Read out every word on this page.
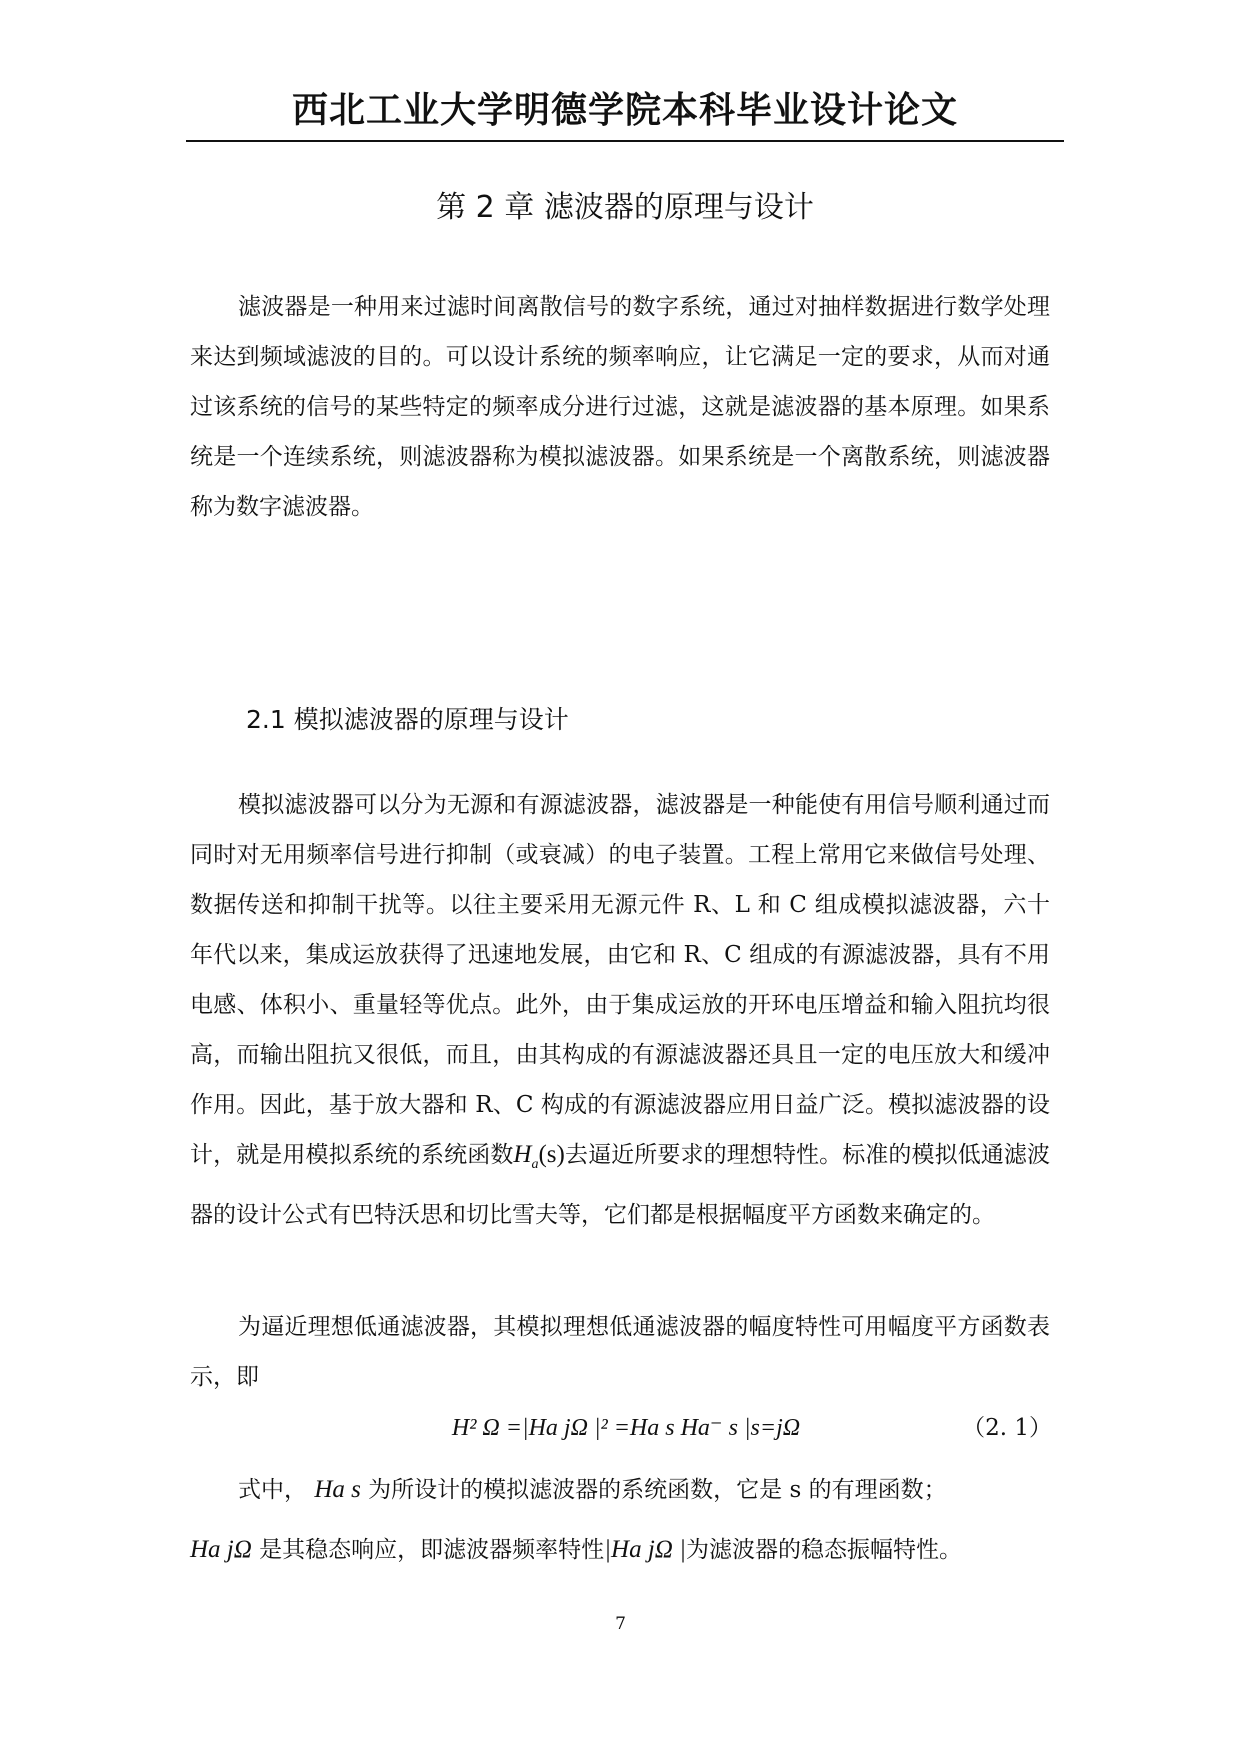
西北工业大学明德学院本科毕业设计论文
第 2 章 滤波器的原理与设计

滤波器是一种用来过滤时间离散信号的数字系统，通过对抽样数据进行数学处理来达到频域滤波的目的。可以设计系统的频率响应，让它满足一定的要求，从而对通过该系统的信号的某些特定的频率成分进行过滤，这就是滤波器的基本原理。如果系统是一个连续系统，则滤波器称为模拟滤波器。如果系统是一个离散系统，则滤波器称为数字滤波器。

2.1 模拟滤波器的原理与设计

模拟滤波器可以分为无源和有源滤波器，滤波器是一种能使有用信号顺利通过而同时对无用频率信号进行抑制（或衰减）的电子装置。工程上常用它来做信号处理、数据传送和抑制干扰等。以往主要采用无源元件 R、L 和 C 组成模拟滤波器，六十年代以来，集成运放获得了迅速地发展，由它和 R、C 组成的有源滤波器，具有不用电感、体积小、重量轻等优点。此外，由于集成运放的开环电压增益和输入阻抗均很高，而输出阻抗又很低，而且，由其构成的有源滤波器还具且一定的电压放大和缓冲作用。因此，基于放大器和 R、C 构成的有源滤波器应用日益广泛。模拟滤波器的设计，就是用模拟系统的系统函数$H_a(s)$去逼近所要求的理想特性。标准的模拟低通滤波器的设计公式有巴特沃思和切比雪夫等，它们都是根据幅度平方函数来确定的。

为逼近理想低通滤波器，其模拟理想低通滤波器的幅度特性可用幅度平方函数表示，即

H² Ω =|Ha jΩ |² =Ha s Ha⁻ s |s=jΩ	（2. 1）

式中， Ha s 为所设计的模拟滤波器的系统函数，它是 s 的有理函数；

Ha jΩ 是其稳态响应，即滤波器频率特性|Ha jΩ |为滤波器的稳态振幅特性。

7
